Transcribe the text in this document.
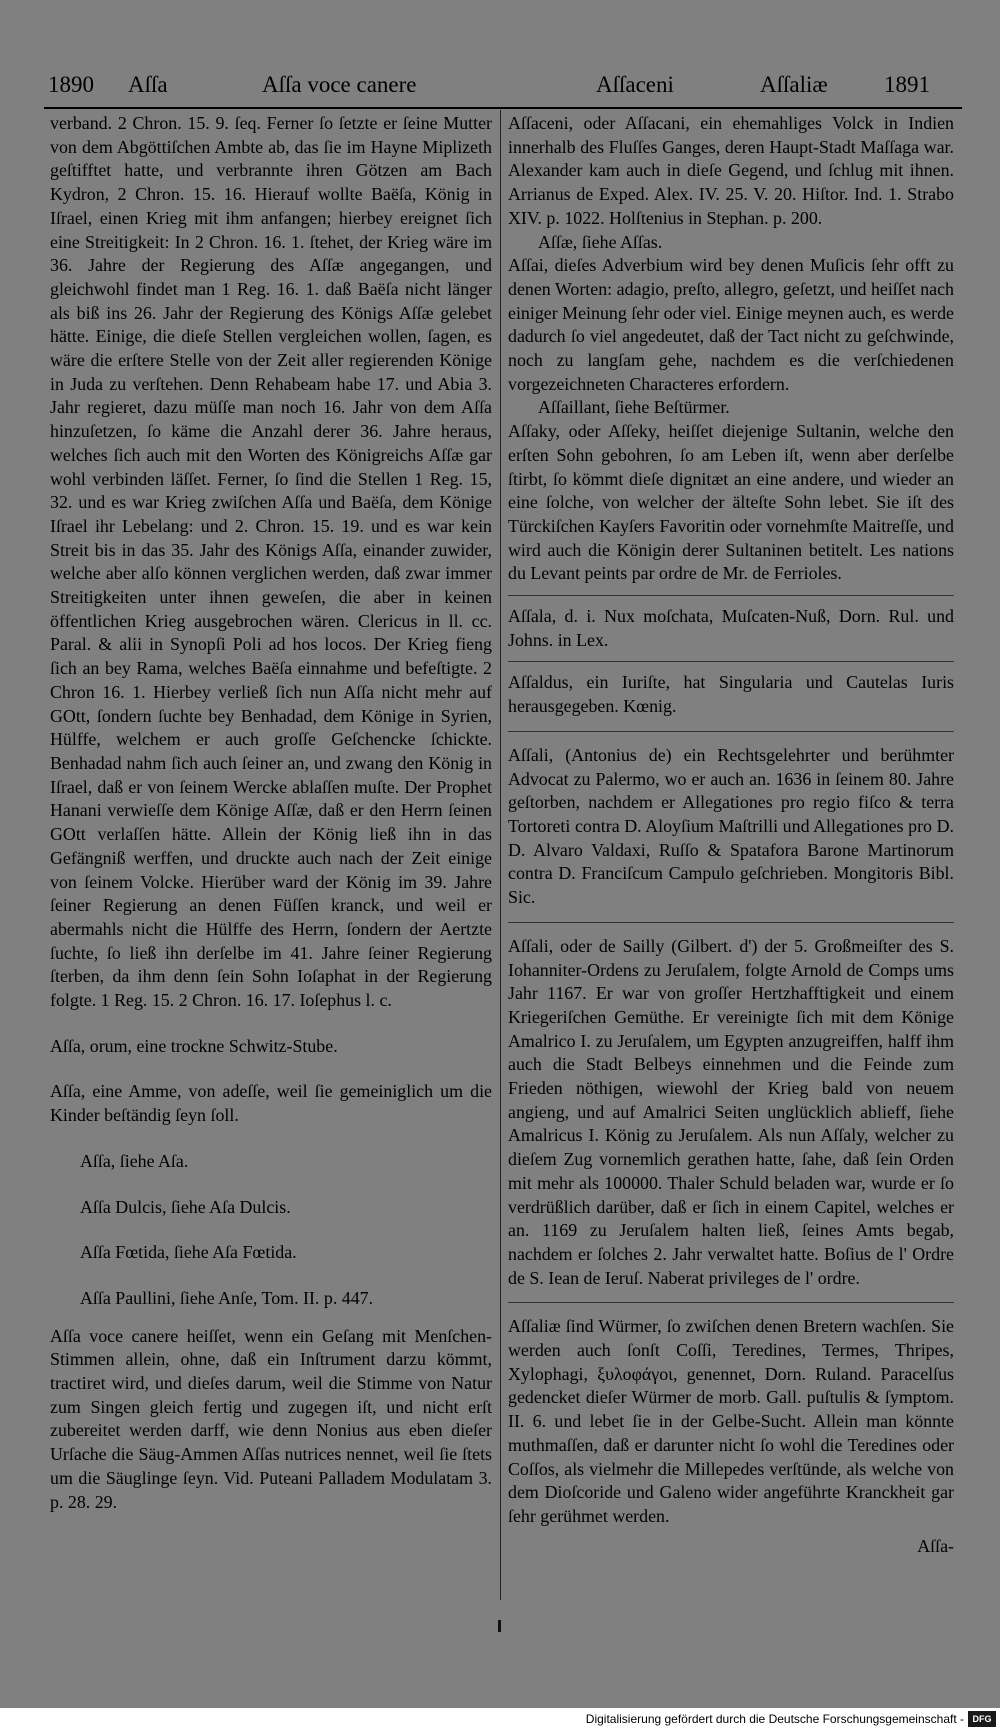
1890 Aſſa	Aſſa voce canere	Aſſaceni	Aſſaliæ 1891

verband. 2 Chron. 15. 9. ſeq. Ferner ſo ſetzte er ſeine Mutter von dem Abgöttiſchen Ambte ab, das ſie im Hayne Miplizeth geſtifftet hatte, und verbrannte ihren Götzen am Bach Kydron, 2 Chron. 15. 16. Hierauf wollte Baëſa, König in Iſrael, einen Krieg mit ihm anfangen; hierbey ereignet ſich eine Streitigkeit: In 2 Chron. 16. 1. ſtehet, der Krieg wäre im 36. Jahre der Regierung des Aſſæ angegangen, und gleichwohl findet man 1 Reg. 16. 1. daß Baëſa nicht länger als biß ins 26. Jahr der Regierung des Königs Aſſæ gelebet hätte. Einige, die dieſe Stellen vergleichen wollen, ſagen, es wäre die erſtere Stelle von der Zeit aller regierenden Könige in Juda zu verſtehen. Denn Rehabeam habe 17. und Abia 3. Jahr regieret, dazu müſſe man noch 16. Jahr von dem Aſſa hinzuſetzen, ſo käme die Anzahl derer 36. Jahre heraus, welches ſich auch mit den Worten des Königreichs Aſſæ gar wohl verbinden läſſet. Ferner, ſo ſind die Stellen 1 Reg. 15, 32. und es war Krieg zwiſchen Aſſa und Baëſa, dem Könige Iſrael ihr Lebelang: und 2. Chron. 15. 19. und es war kein Streit bis in das 35. Jahr des Königs Aſſa, einander zuwider, welche aber alſo können verglichen werden, daß zwar immer Streitigkeiten unter ihnen geweſen, die aber in keinen öffentlichen Krieg ausgebrochen wären. Clericus in ll. cc. Paral. & alii in Synopſi Poli ad hos locos. Der Krieg fieng ſich an bey Rama, welches Baëſa einnahme und befeſtigte. 2 Chron 16. 1. Hierbey verließ ſich nun Aſſa nicht mehr auf GOtt, ſondern ſuchte bey Benhadad, dem Könige in Syrien, Hülffe, welchem er auch groſſe Geſchencke ſchickte. Benhadad nahm ſich auch ſeiner an, und zwang den König in Iſrael, daß er von ſeinem Wercke ablaſſen muſte. Der Prophet Hanani verwieſſe dem Könige Aſſæ, daß er den Herrn ſeinen GOtt verlaſſen hätte. Allein der König ließ ihn in das Gefängniß werffen, und druckte auch nach der Zeit einige von ſeinem Volcke. Hierüber ward der König im 39. Jahre ſeiner Regierung an denen Füſſen kranck, und weil er abermahls nicht die Hülffe des Herrn, ſondern der Aertzte ſuchte, ſo ließ ihn derſelbe im 41. Jahre ſeiner Regierung ſterben, da ihm denn ſein Sohn Ioſaphat in der Regierung folgte. 1 Reg. 15. 2 Chron. 16. 17. Ioſephus l. c.

Aſſa, orum, eine trockne Schwitz-Stube.

Aſſa, eine Amme, von adeſſe, weil ſie gemeiniglich um die Kinder beſtändig ſeyn ſoll.

Aſſa, ſiehe Aſa.

Aſſa Dulcis, ſiehe Aſa Dulcis.

Aſſa Fœtida, ſiehe Aſa Fœtida.

Aſſa Paullini, ſiehe Anſe, Tom. II. p. 447.

Aſſa voce canere heiſſet, wenn ein Geſang mit Menſchen-Stimmen allein, ohne, daß ein Inſtrument darzu kömmt, tractiret wird, und dieſes darum, weil die Stimme von Natur zum Singen gleich fertig und zugegen iſt, und nicht erſt zubereitet werden darff, wie denn Nonius aus eben dieſer Urſache die Säug-Ammen Aſſas nutrices nennet, weil ſie ſtets um die Säuglinge ſeyn. Vid. Puteani Palladem Modulatam 3. p. 28. 29.

Aſſaceni, oder Aſſacani, ein ehemahliges Volck in Indien innerhalb des Fluſſes Ganges, deren Haupt-Stadt Maſſaga war. Alexander kam auch in dieſe Gegend, und ſchlug mit ihnen. Arrianus de Exped. Alex. IV. 25. V. 20. Hiſtor. Ind. 1. Strabo XIV. p. 1022. Holſtenius in Stephan. p. 200.

Aſſæ, ſiehe Aſſas.

Aſſai, dieſes Adverbium wird bey denen Muſicis ſehr offt zu denen Worten: adagio, preſto, allegro, geſetzt, und heiſſet nach einiger Meinung ſehr oder viel. Einige meynen auch, es werde dadurch ſo viel angedeutet, daß der Tact nicht zu geſchwinde, noch zu langſam gehe, nachdem es die verſchiedenen vorgezeichneten Characteres erfordern.

Aſſaillant, ſiehe Beſtürmer.

Aſſaky, oder Aſſeky, heiſſet diejenige Sultanin, welche den erſten Sohn gebohren, ſo am Leben iſt, wenn aber derſelbe ſtirbt, ſo kömmt dieſe dignitæt an eine andere, und wieder an eine ſolche, von welcher der älteſte Sohn lebet. Sie iſt des Türckiſchen Kayſers Favoritin oder vornehmſte Maitreſſe, und wird auch die Königin derer Sultaninen betitelt. Les nations du Levant peints par ordre de Mr. de Ferrioles.

Aſſala, d. i. Nux moſchata, Muſcaten-Nuß, Dorn. Rul. und Johns. in Lex.

Aſſaldus, ein Iuriſte, hat Singularia und Cautelas Iuris herausgegeben. Kœnig.

Aſſali, (Antonius de) ein Rechtsgelehrter und berühmter Advocat zu Palermo, wo er auch an. 1636 in ſeinem 80. Jahre geſtorben, nachdem er Allegationes pro regio fiſco & terra Tortoreti contra D. Aloyſium Maſtrilli und Allegationes pro D. D. Alvaro Valdaxi, Ruſſo & Spatafora Barone Martinorum contra D. Franciſcum Campulo geſchrieben. Mongitoris Bibl. Sic.

Aſſali, oder de Sailly (Gilbert. d') der 5. Großmeiſter des S. Iohanniter-Ordens zu Jeruſalem, folgte Arnold de Comps ums Jahr 1167. Er war von groſſer Hertzhafftigkeit und einem Kriegeriſchen Gemüthe. Er vereinigte ſich mit dem Könige Amalrico I. zu Jeruſalem, um Egypten anzugreiffen, halff ihm auch die Stadt Belbeys einnehmen und die Feinde zum Frieden nöthigen, wiewohl der Krieg bald von neuem angieng, und auf Amalrici Seiten unglücklich ablieff, ſiehe Amalricus I. König zu Jeruſalem. Als nun Aſſaly, welcher zu dieſem Zug vornemlich gerathen hatte, ſahe, daß ſein Orden mit mehr als 100000. Thaler Schuld beladen war, wurde er ſo verdrüßlich darüber, daß er ſich in einem Capitel, welches er an. 1169 zu Jeruſalem halten ließ, ſeines Amts begab, nachdem er ſolches 2. Jahr verwaltet hatte. Boſius de l' Ordre de S. Iean de Ieruſ. Naberat privileges de l' ordre.

Aſſaliæ ſind Würmer, ſo zwiſchen denen Bretern wachſen. Sie werden auch ſonſt Coſſi, Teredines, Termes, Thripes, Xylophagi, ξυλοφάγοι, genennet, Dorn. Ruland. Paracelſus gedencket dieſer Würmer de morb. Gall. puſtulis & ſymptom. II. 6. und lebet ſie in der Gelbe-Sucht. Allein man könnte muthmaſſen, daß er darunter nicht ſo wohl die Teredines oder Coſſos, als vielmehr die Millepedes verſtünde, als welche von dem Dioſcoride und Galeno wider angeführte Kranckheit gar ſehr gerühmet werden.

Aſſa-
Digitalisierung gefördert durch die Deutsche Forschungsgemeinschaft - DFG
